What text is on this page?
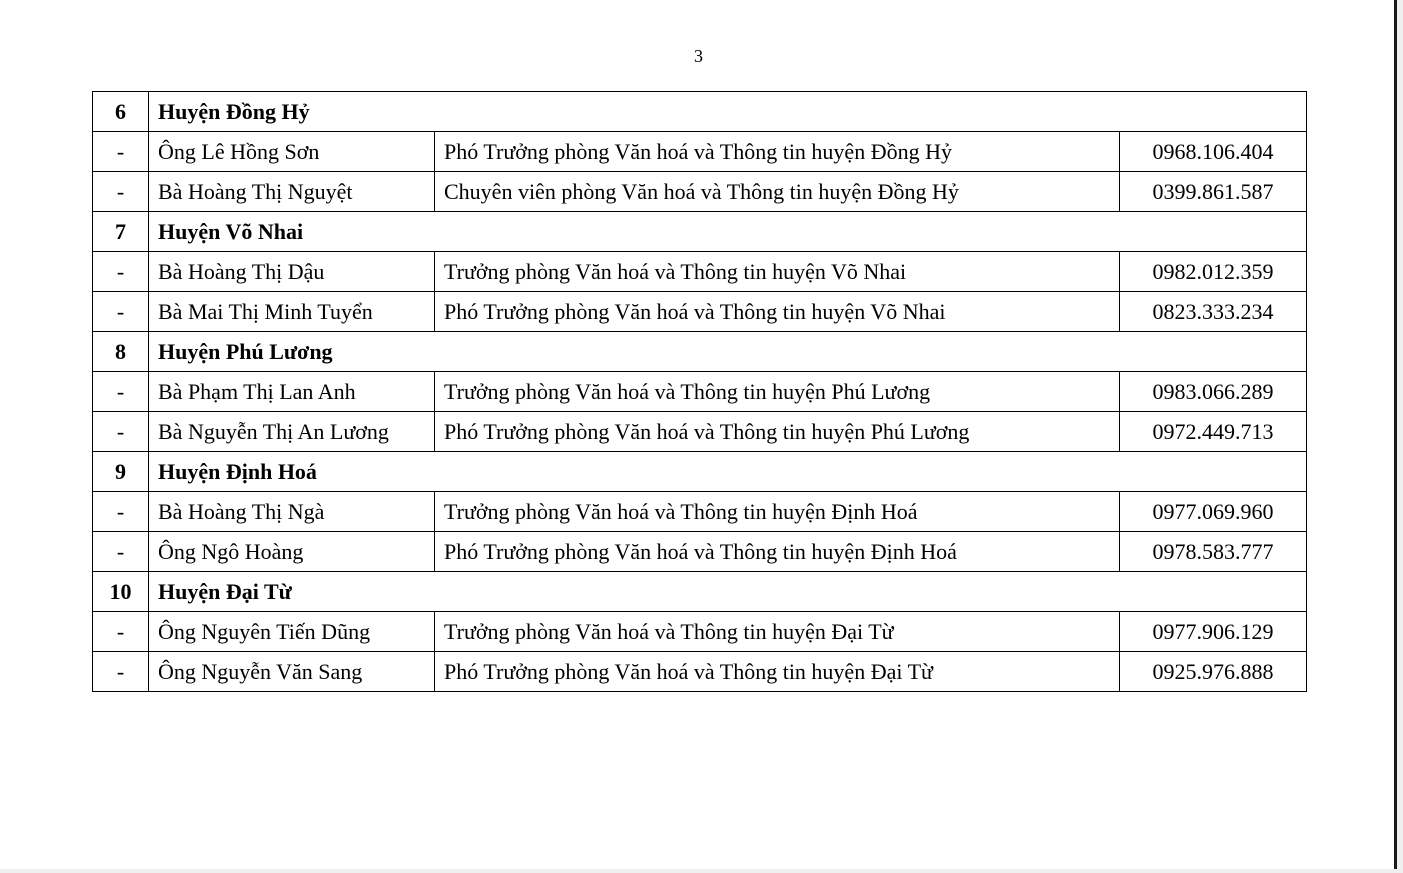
3
6	Huyện Đồng Hỷ		
-	Ông Lê Hồng Sơn	Phó Trưởng phòng Văn hoá và Thông tin huyện Đồng Hỷ	0968.106.404
-	Bà Hoàng Thị Nguyệt	Chuyên viên phòng Văn hoá và Thông tin huyện Đồng Hỷ	0399.861.587
7	Huyện Võ Nhai		
-	Bà Hoàng Thị Dậu	Trưởng phòng Văn hoá và Thông tin huyện Võ Nhai	0982.012.359
-	Bà Mai Thị Minh Tuyển	Phó Trưởng phòng Văn hoá và Thông tin huyện Võ Nhai	0823.333.234
8	Huyện Phú Lương		
-	Bà Phạm Thị Lan Anh	Trưởng phòng Văn hoá và Thông tin huyện Phú Lương	0983.066.289
-	Bà Nguyễn Thị An Lương	Phó Trưởng phòng Văn hoá và Thông tin huyện Phú Lương	0972.449.713
9	Huyện Định Hoá		
-	Bà Hoàng Thị Ngà	Trưởng phòng Văn hoá và Thông tin huyện Định Hoá	0977.069.960
-	Ông Ngô Hoàng	Phó Trưởng phòng Văn hoá và Thông tin huyện Định Hoá	0978.583.777
10	Huyện Đại Từ		
-	Ông Nguyên Tiến Dũng	Trưởng phòng Văn hoá và Thông tin huyện Đại Từ	0977.906.129
-	Ông Nguyễn Văn Sang	Phó Trưởng phòng Văn hoá và Thông tin huyện Đại Từ	0925.976.888
